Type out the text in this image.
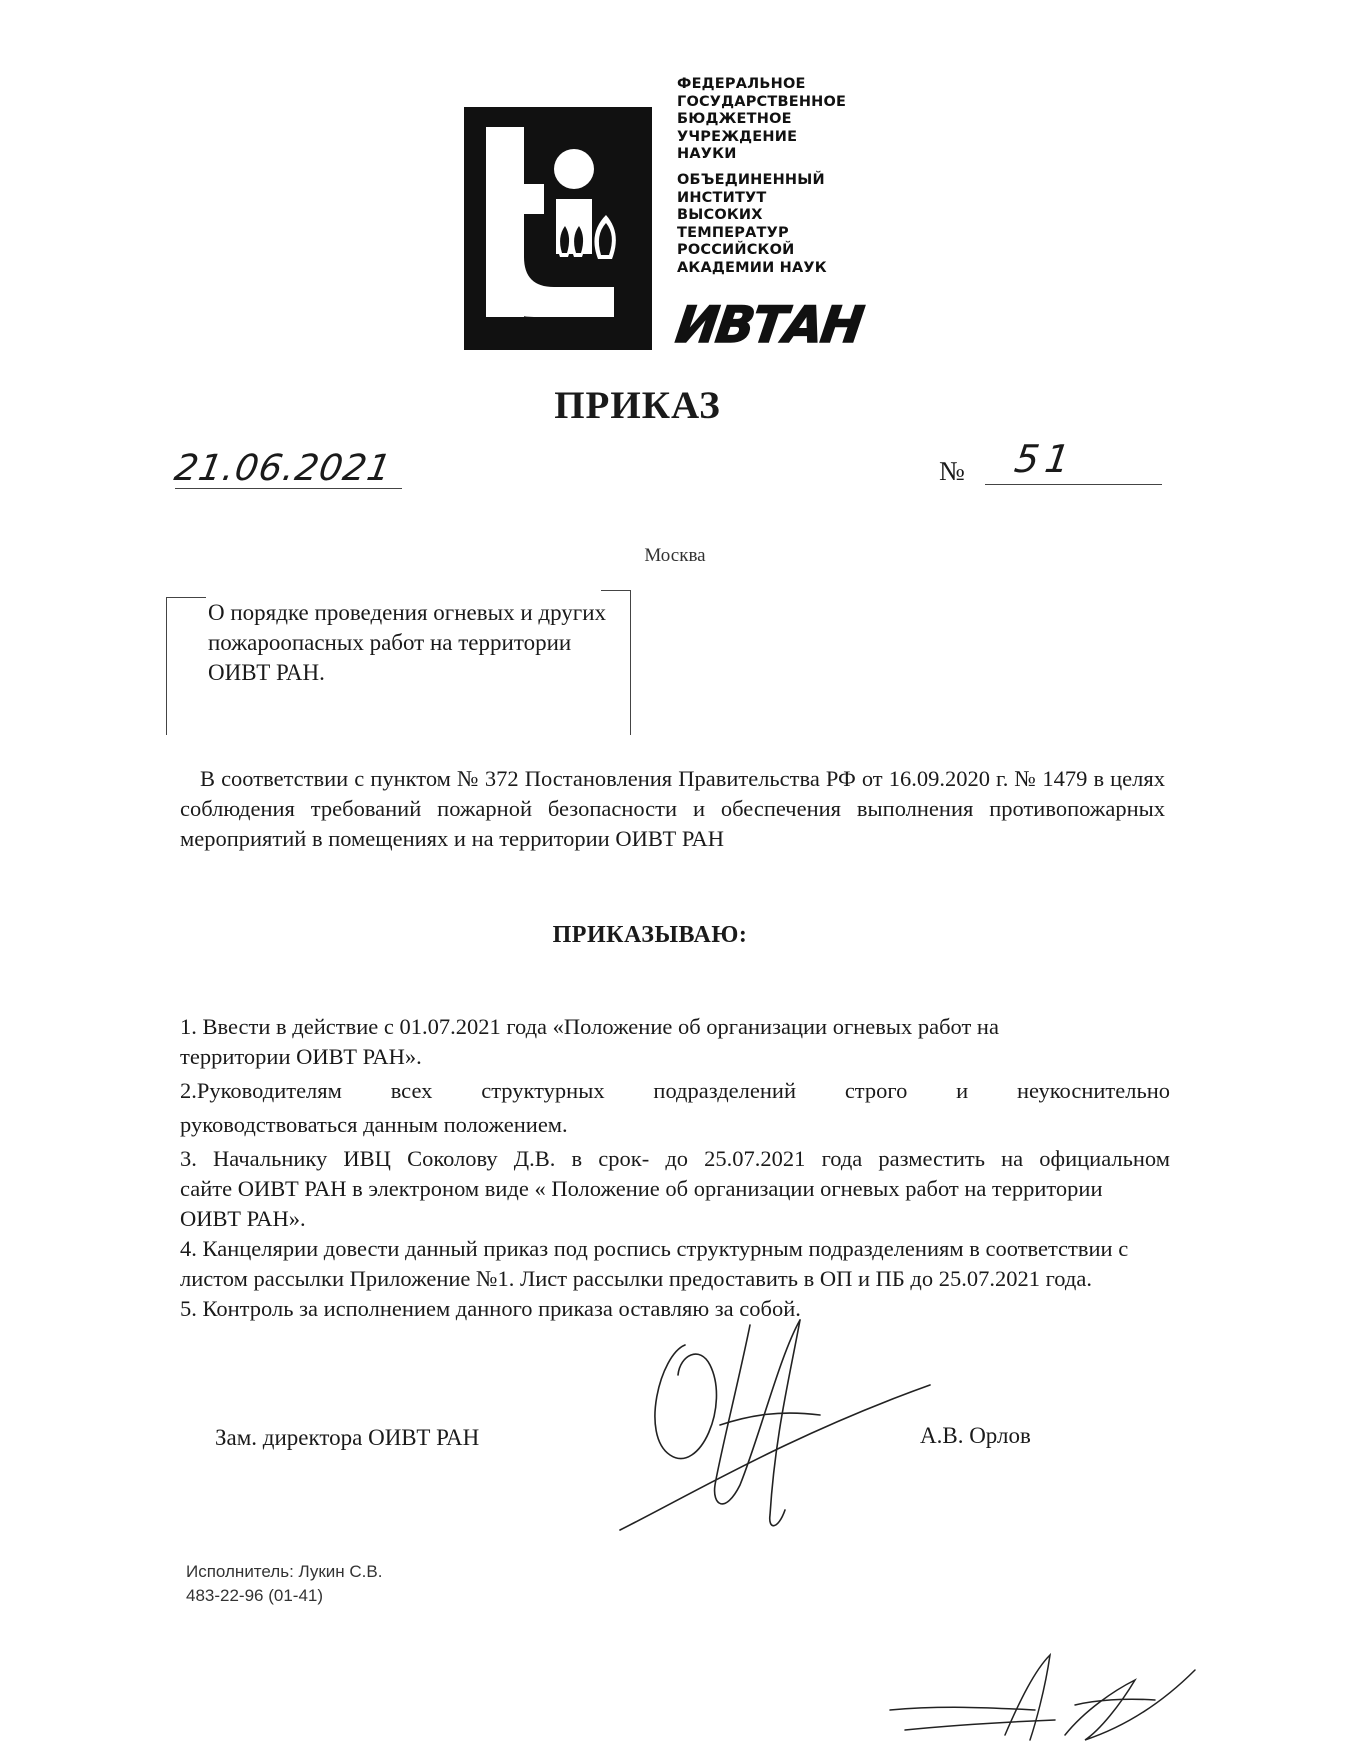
ФЕДЕРАЛЬНОЕ
ГОСУДАРСТВЕННОЕ
БЮДЖЕТНОЕ
УЧРЕЖДЕНИЕ
НАУКИ
ОБЪЕДИНЕННЫЙ
ИНСТИТУТ
ВЫСОКИХ
ТЕМПЕРАТУР
РОССИЙСКОЙ
АКАДЕМИИ НАУК
ИВТАН
ПРИКАЗ
21.06.2021	№ 51
Москва
О порядке проведения огневых и других пожароопасных работ на территории ОИВТ РАН.
В соответствии с пунктом № 372 Постановления Правительства РФ от 16.09.2020 г. № 1479 в целях соблюдения требований пожарной безопасности и обеспечения выполнения противопожарных мероприятий в помещениях и на территории ОИВТ РАН
ПРИКАЗЫВАЮ:
1. Ввести в действие с 01.07.2021 года «Положение об организации огневых работ на территории ОИВТ РАН».
2.Руководителям всех структурных подразделений строго и неукоснительно
руководствоваться данным положением.
3. Начальнику ИВЦ Соколову Д.В. в срок- до 25.07.2021 года разместить на официальном
сайте ОИВТ РАН в электроном виде « Положение об организации огневых работ на территории ОИВТ РАН».
4. Канцелярии довести данный приказ под роспись структурным подразделениям в соответствии с листом рассылки Приложение №1. Лист рассылки предоставить в ОП и ПБ до 25.07.2021 года.
5. Контроль за исполнением данного приказа оставляю за собой.
Зам. директора ОИВТ РАН	А.В. Орлов
Исполнитель: Лукин С.В.
483-22-96 (01-41)
